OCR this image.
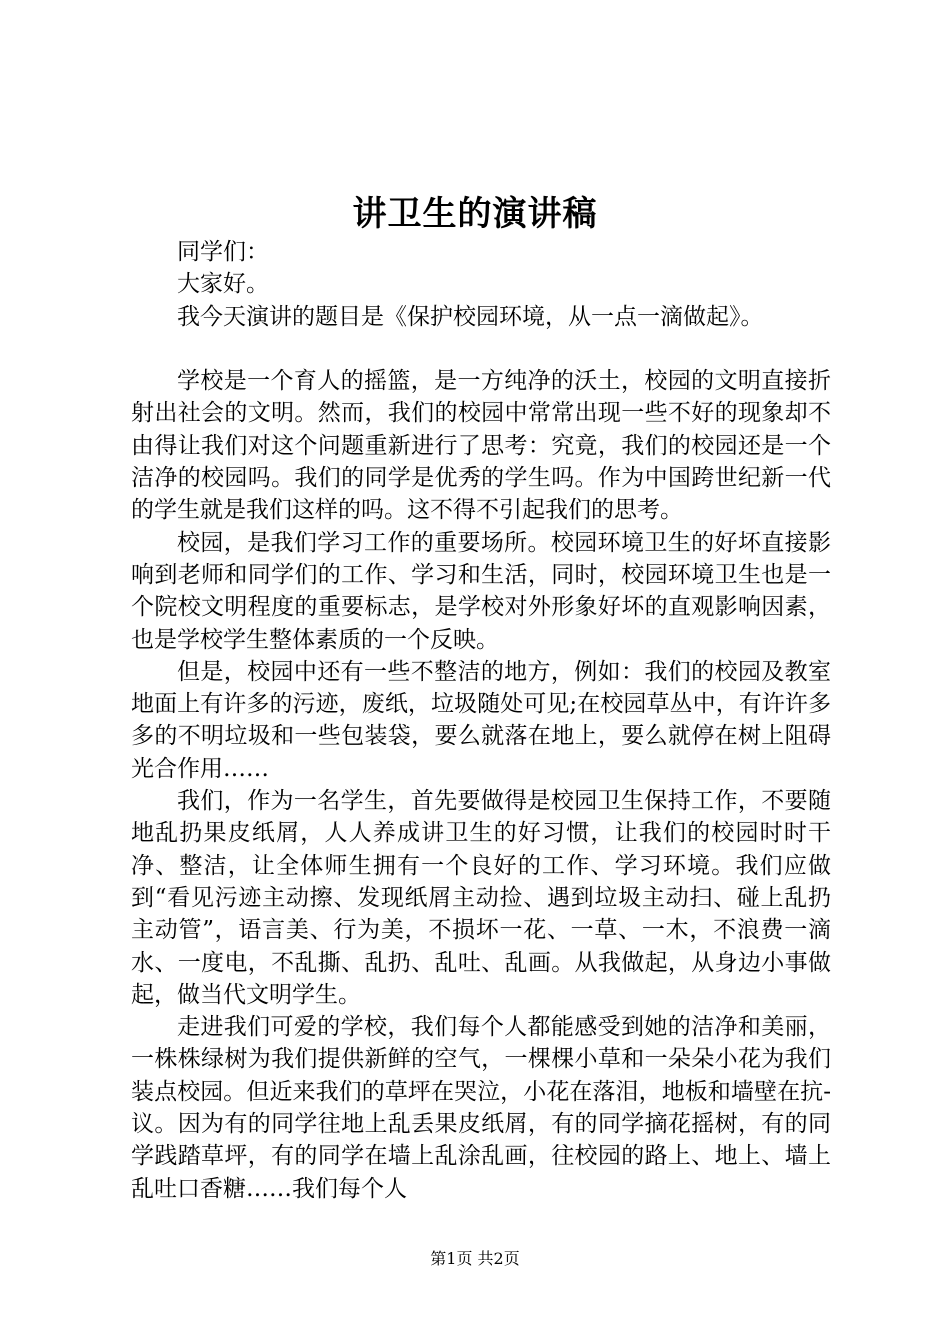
讲卫生的演讲稿

同学们：

大家好。

我今天演讲的题目是《保护校园环境，从一点一滴做起》。

学校是一个育人的摇篮，是一方纯净的沃土，校园的文明直接折射出社会的文明。然而，我们的校园中常常出现一些不好的现象却不由得让我们对这个问题重新进行了思考：究竟，我们的校园还是一个洁净的校园吗。我们的同学是优秀的学生吗。作为中国跨世纪新一代的学生就是我们这样的吗。这不得不引起我们的思考。

校园，是我们学习工作的重要场所。校园环境卫生的好坏直接影响到老师和同学们的工作、学习和生活，同时，校园环境卫生也是一个院校文明程度的重要标志，是学校对外形象好坏的直观影响因素，也是学校学生整体素质的一个反映。

但是，校园中还有一些不整洁的地方，例如：我们的校园及教室地面上有许多的污迹，废纸，垃圾随处可见;在校园草丛中，有许许多多的不明垃圾和一些包装袋，要么就落在地上，要么就停在树上阻碍光合作用……

我们，作为一名学生，首先要做得是校园卫生保持工作，不要随地乱扔果皮纸屑，人人养成讲卫生的好习惯，让我们的校园时时干净、整洁，让全体师生拥有一个良好的工作、学习环境。我们应做到“看见污迹主动擦、发现纸屑主动捡、遇到垃圾主动扫、碰上乱扔主动管”，语言美、行为美，不损坏一花、一草、一木，不浪费一滴水、一度电，不乱撕、乱扔、乱吐、乱画。从我做起，从身边小事做起，做当代文明学生。

走进我们可爱的学校，我们每个人都能感受到她的洁净和美丽，一株株绿树为我们提供新鲜的空气，一棵棵小草和一朵朵小花为我们装点校园。但近来我们的草坪在哭泣，小花在落泪，地板和墙壁在抗-议。因为有的同学往地上乱丢果皮纸屑，有的同学摘花摇树，有的同学践踏草坪，有的同学在墙上乱涂乱画，往校园的路上、地上、墙上乱吐口香糖……我们每个人

第1页 共2页
